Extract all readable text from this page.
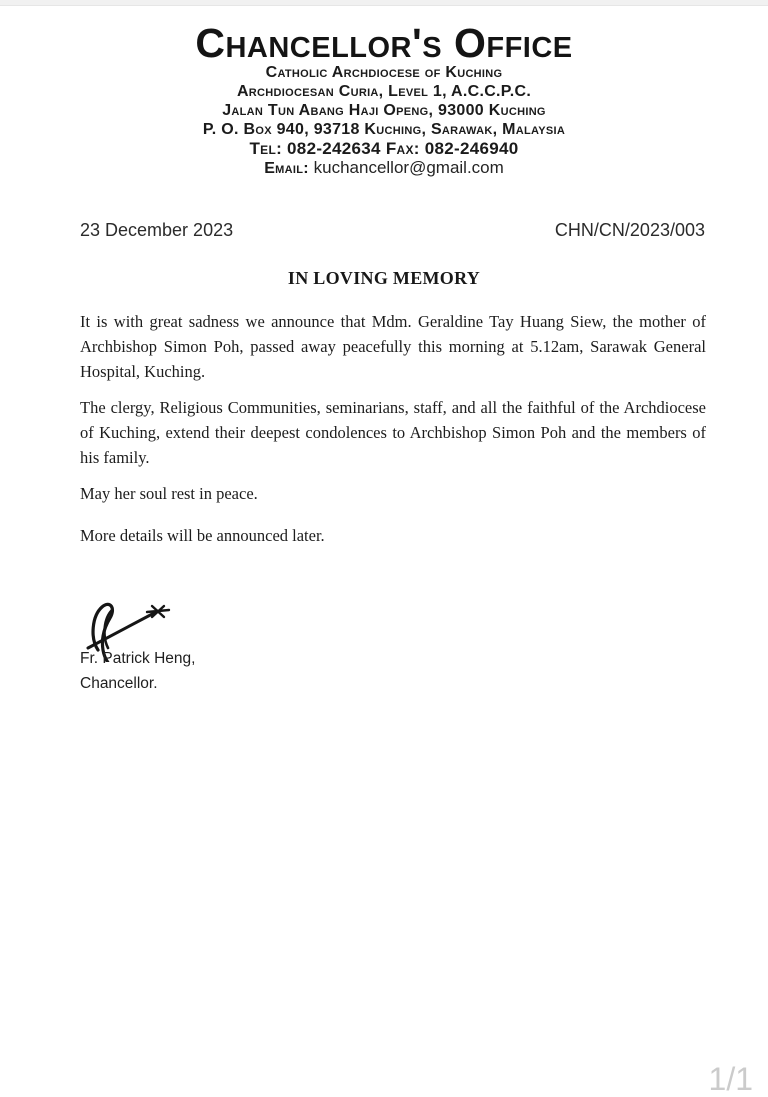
Chancellor's Office
Catholic Archdiocese of Kuching
Archdiocesan Curia, Level 1, A.C.C.P.C.
Jalan Tun Abang Haji Openg, 93000 Kuching
P. O. Box 940, 93718 Kuching, Sarawak, Malaysia
Tel: 082-242634 Fax: 082-246940
Email: kuchancellor@gmail.com
23 December 2023	CHN/CN/2023/003
IN LOVING MEMORY

It is with great sadness we announce that Mdm. Geraldine Tay Huang Siew, the mother of Archbishop Simon Poh, passed away peacefully this morning at 5.12am, Sarawak General Hospital, Kuching.

The clergy, Religious Communities, seminarians, staff, and all the faithful of the Archdiocese of Kuching, extend their deepest condolences to Archbishop Simon Poh and the members of his family.

May her soul rest in peace.

More details will be announced later.

Fr. Patrick Heng,
Chancellor.
1/1
